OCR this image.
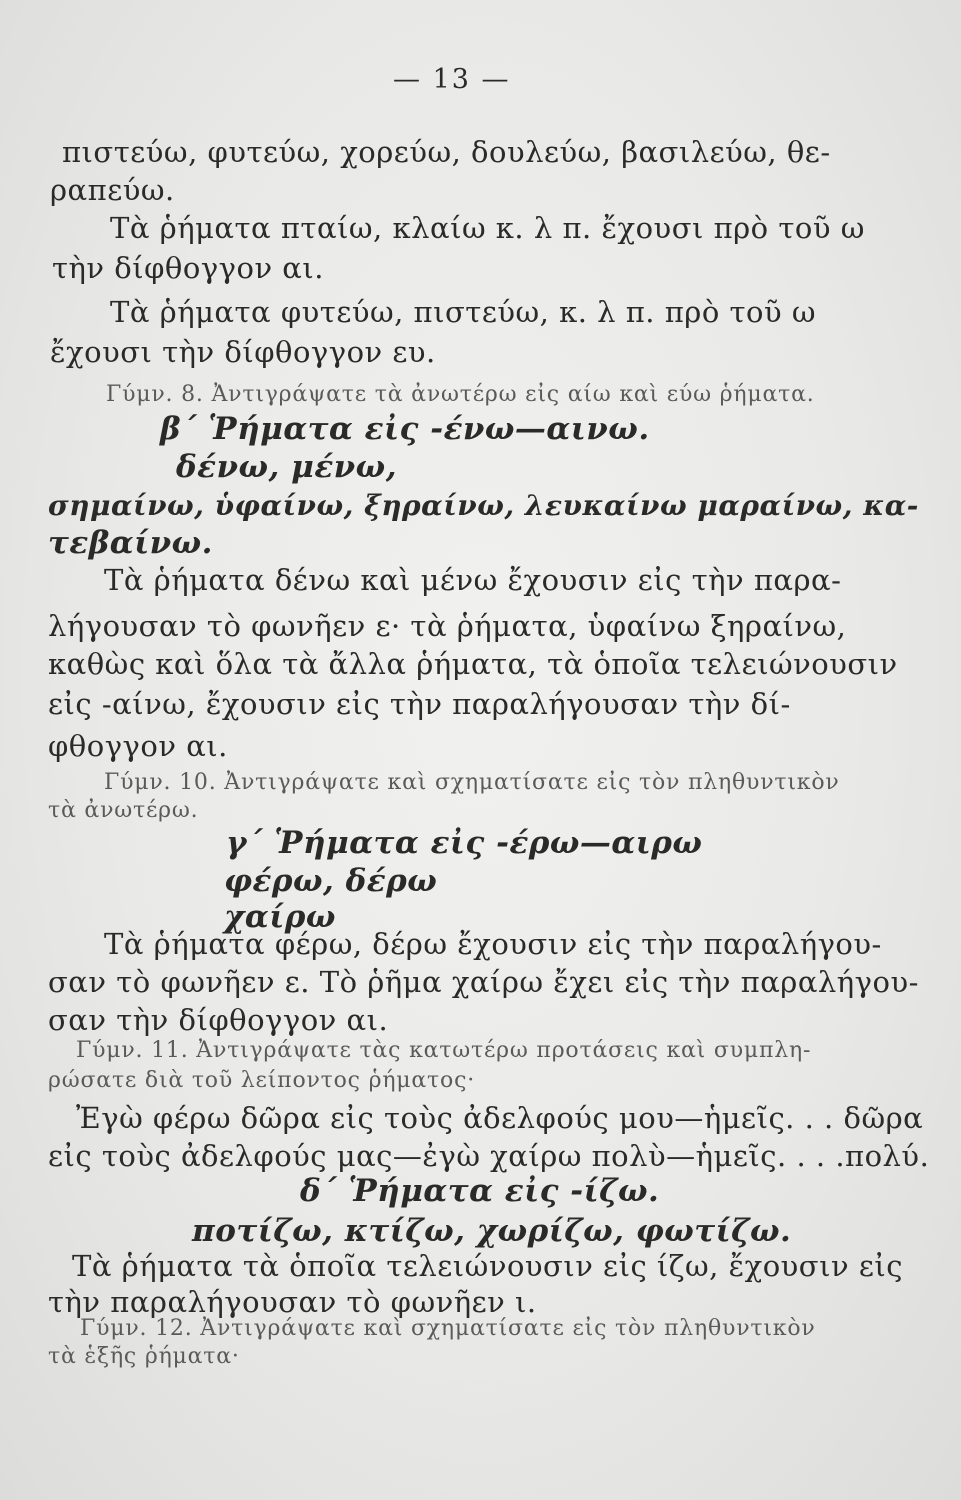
— 13 —
πιστεύω, φυτεύω, χορεύω, δουλεύω, βασιλεύω, θε-
ραπεύω.
Τὰ ῥήματα πταίω, κλαίω κ. λ π. ἔχουσι πρὸ τοῦ ω
τὴν δίφθογγον αι.
Τὰ ῥήματα φυτεύω, πιστεύω, κ. λ π. πρὸ τοῦ ω
ἔχουσι τὴν δίφθογγον ευ.
Γύμν. 8. Ἀντιγράψατε τὰ ἀνωτέρω εἰς αίω καὶ εύω ῥήματα.
β΄ Ῥήματα εἰς -ένω—αινω.
δένω, μένω,
σημαίνω, ὑφαίνω, ξηραίνω, λευκαίνω μαραίνω, κα-
τεβαίνω.
Τὰ ῥήματα δένω καὶ μένω ἔχουσιν εἰς τὴν παρα-
λήγουσαν τὸ φωνῆεν ε· τὰ ῥήματα, ὑφαίνω ξηραίνω,
καθὼς καὶ ὅλα τὰ ἄλλα ῥήματα, τὰ ὁποῖα τελειώνουσιν
εἰς -αίνω, ἔχουσιν εἰς τὴν παραλήγουσαν τὴν δί-
φθογγον αι.
Γύμν. 10. Ἀντιγράψατε καὶ σχηματίσατε εἰς τὸν πληθυντικὸν
τὰ ἀνωτέρω.
γ΄ Ῥήματα εἰς -έρω—αιρω
φέρω, δέρω
χαίρω
Τὰ ῥήματα φέρω, δέρω ἔχουσιν εἰς τὴν παραλήγου-
σαν τὸ φωνῆεν ε. Τὸ ῥῆμα χαίρω ἔχει εἰς τὴν παραλήγου-
σαν τὴν δίφθογγον αι.
Γύμν. 11. Ἀντιγράψατε τὰς κατωτέρω προτάσεις καὶ συμπλη-
ρώσατε διὰ τοῦ λείποντος ῥήματος·
Ἐγὼ φέρω δῶρα εἰς τοὺς ἀδελφούς μου—ἡμεῖς. . . δῶρα
εἰς τοὺς ἀδελφούς μας—ἐγὼ χαίρω πολὺ—ἡμεῖς. . . .πολύ.
δ΄ Ῥήματα εἰς -ίζω.
ποτίζω, κτίζω, χωρίζω, φωτίζω.
Τὰ ῥήματα τὰ ὁποῖα τελειώνουσιν εἰς ίζω, ἔχουσιν εἰς
τὴν παραλήγουσαν τὸ φωνῆεν ι.
Γύμν. 12. Ἀντιγράψατε καὶ σχηματίσατε εἰς τὸν πληθυντικὸν
τὰ ἑξῆς ῥήματα·
